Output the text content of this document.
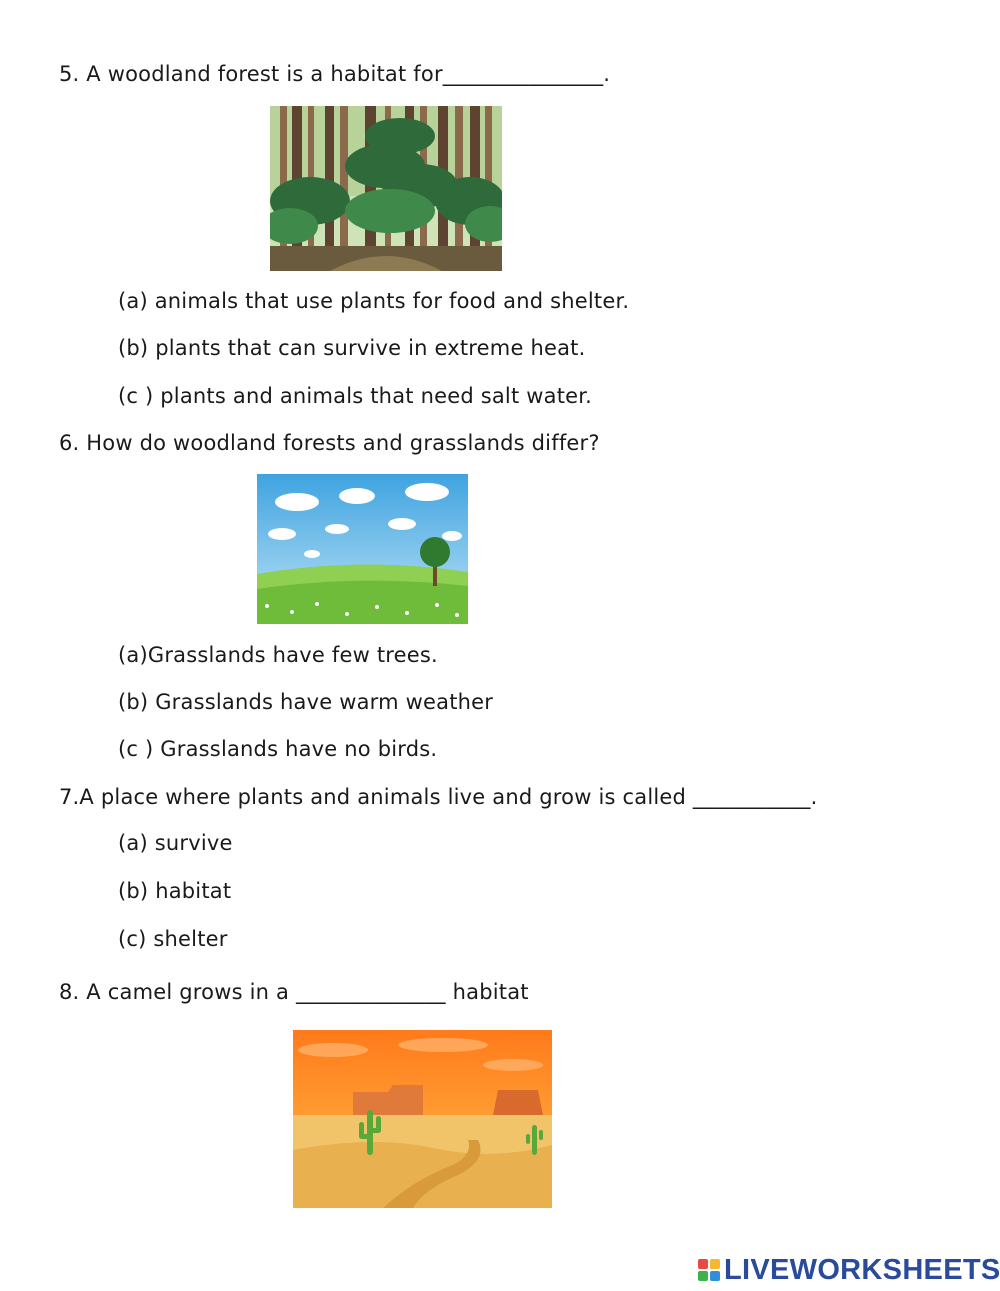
5. A woodland forest is a habitat for_______________.
(a) animals that use plants for food and shelter.
(b) plants that can survive in extreme heat.
(c ) plants and animals that need salt water.
6. How do woodland forests and grasslands differ?
(a)Grasslands have few trees.
(b) Grasslands have warm weather
(c ) Grasslands have no birds.
7.A place where plants and animals live and grow is called ___________.
(a) survive
(b) habitat
(c) shelter
8. A camel grows in a ______________ habitat
LIVEWORKSHEETS
